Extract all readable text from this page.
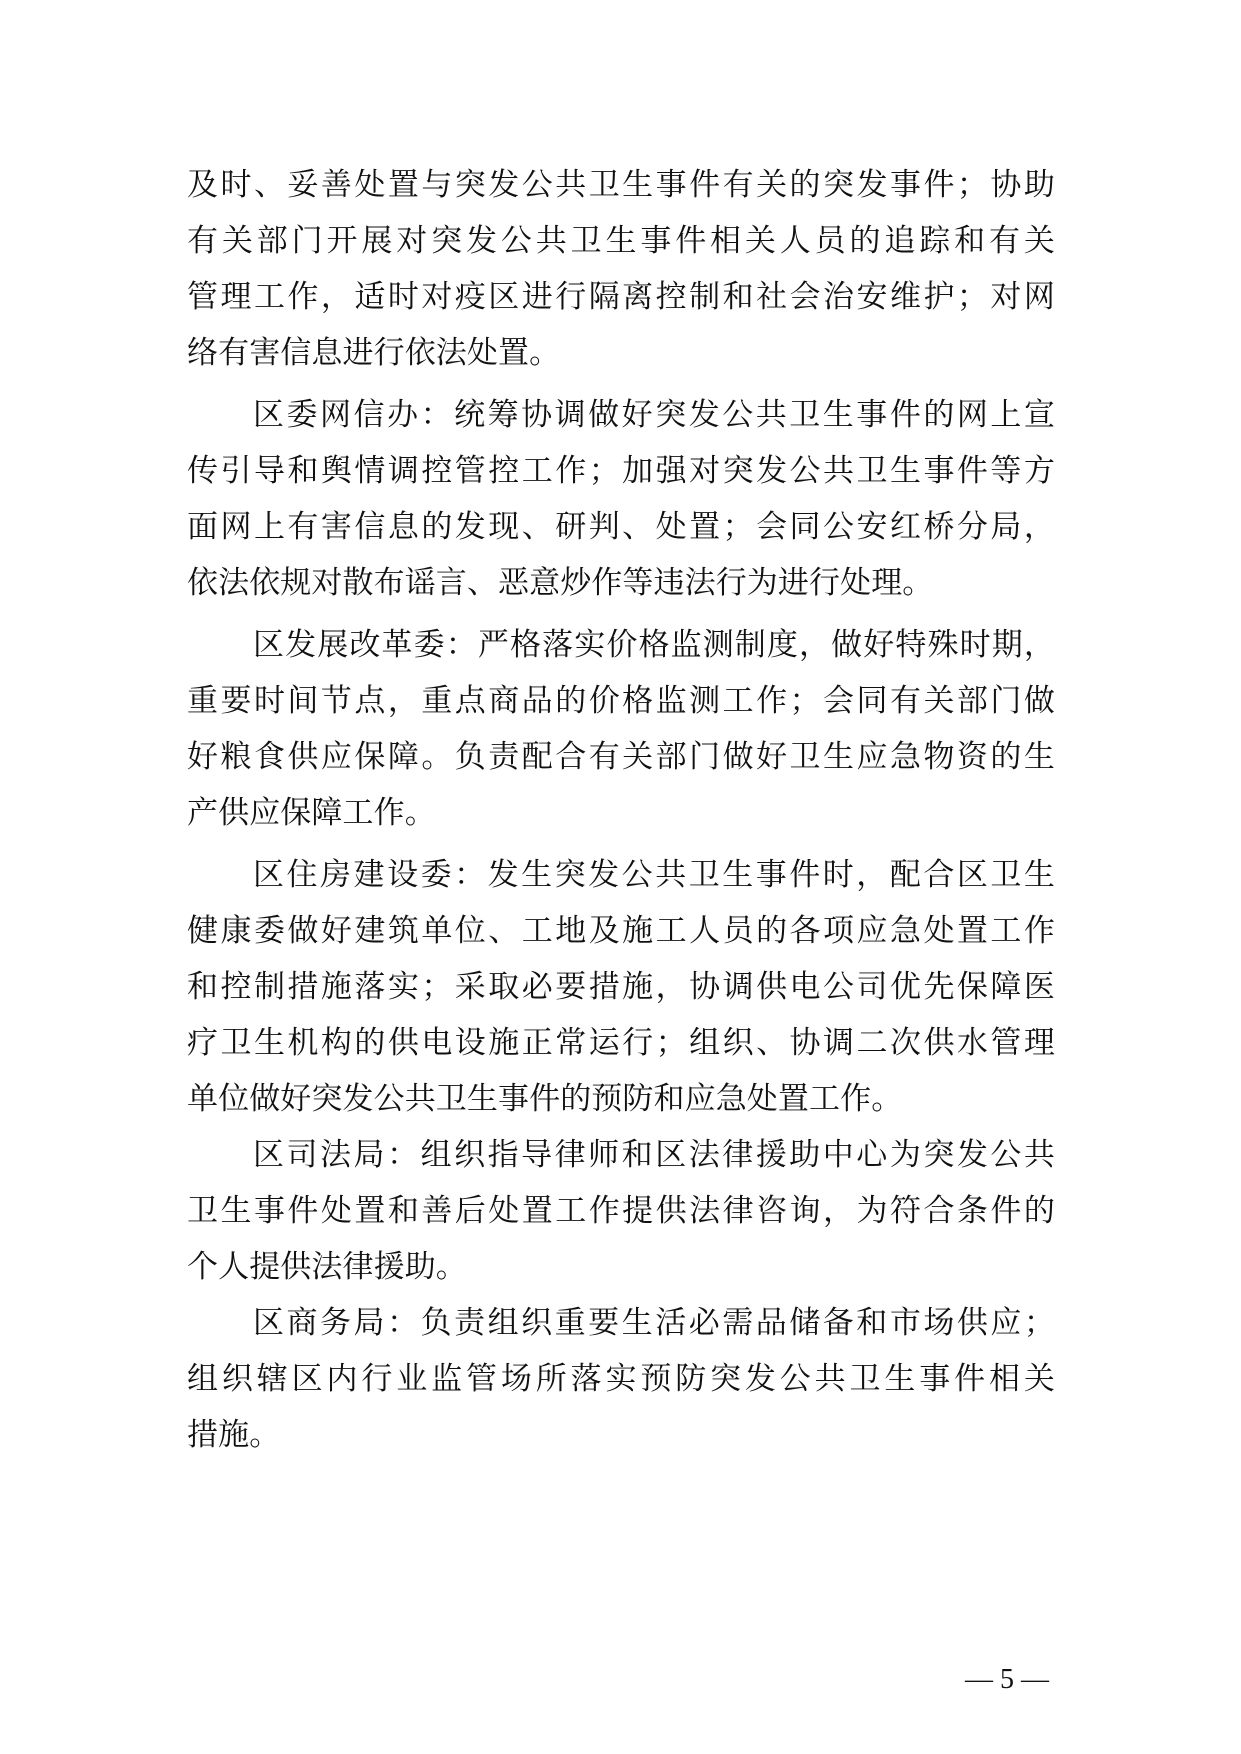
及时、妥善处置与突发公共卫生事件有关的突发事件；协助
有关部门开展对突发公共卫生事件相关人员的追踪和有关
管理工作，适时对疫区进行隔离控制和社会治安维护；对网
络有害信息进行依法处置。
区委网信办：统筹协调做好突发公共卫生事件的网上宣
传引导和舆情调控管控工作；加强对突发公共卫生事件等方
面网上有害信息的发现、研判、处置；会同公安红桥分局，
依法依规对散布谣言、恶意炒作等违法行为进行处理。
区发展改革委：严格落实价格监测制度，做好特殊时期，
重要时间节点，重点商品的价格监测工作；会同有关部门做
好粮食供应保障。负责配合有关部门做好卫生应急物资的生
产供应保障工作。
区住房建设委：发生突发公共卫生事件时，配合区卫生
健康委做好建筑单位、工地及施工人员的各项应急处置工作
和控制措施落实；采取必要措施，协调供电公司优先保障医
疗卫生机构的供电设施正常运行；组织、协调二次供水管理
单位做好突发公共卫生事件的预防和应急处置工作。
区司法局：组织指导律师和区法律援助中心为突发公共
卫生事件处置和善后处置工作提供法律咨询，为符合条件的
个人提供法律援助。
区商务局：负责组织重要生活必需品储备和市场供应；
组织辖区内行业监管场所落实预防突发公共卫生事件相关
措施。
— 5 —
